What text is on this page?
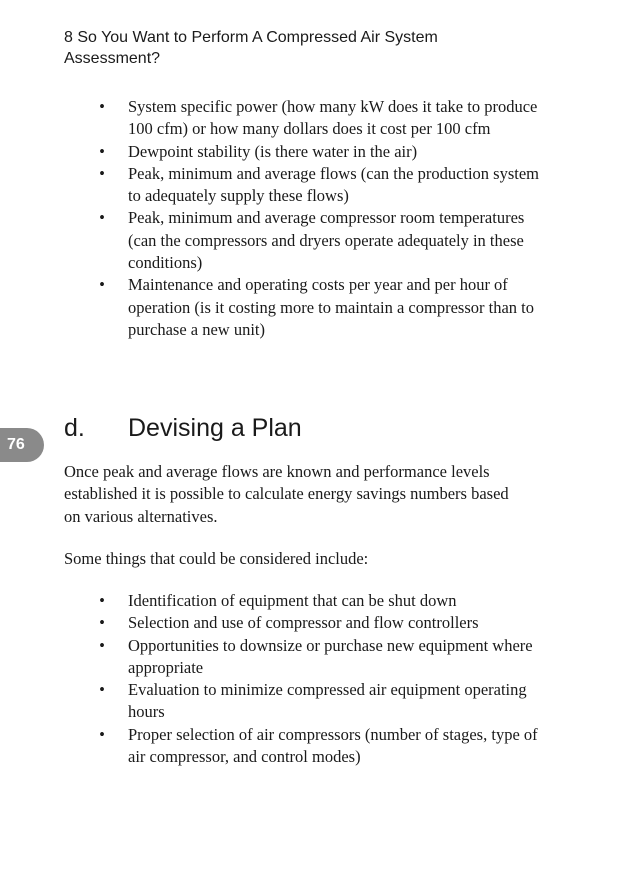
8 So You Want to Perform A Compressed Air System Assessment?
76
• System specific power (how many kW does it take to produce 100 cfm) or how many dollars does it cost per 100 cfm
• Dewpoint stability (is there water in the air)
• Peak, minimum and average flows (can the production system to adequately supply these flows)
• Peak, minimum and average compressor room temperatures (can the compressors and dryers operate adequately in these conditions)
• Maintenance and operating costs per year and per hour of operation (is it costing more to maintain a compressor than to purchase a new unit)
d. Devising a Plan

Once peak and average flows are known and performance levels established it is possible to calculate energy savings numbers based on various alternatives.

Some things that could be considered include:

• Identification of equipment that can be shut down
• Selection and use of compressor and flow controllers
• Opportunities to downsize or purchase new equipment where appropriate
• Evaluation to minimize compressed air equipment operating hours
• Proper selection of air compressors (number of stages, type of air compressor, and control modes)
